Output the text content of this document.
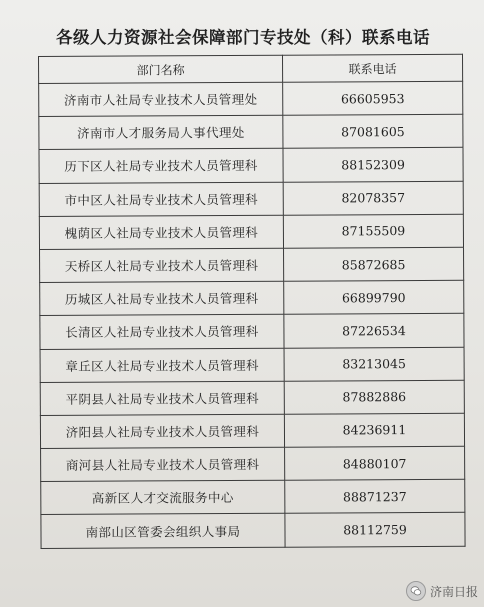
各级人力资源社会保障部门专技处（科）联系电话
部门名称	联系电话
济南市人社局专业技术人员管理处	66605953
济南市人才服务局人事代理处	87081605
历下区人社局专业技术人员管理科	88152309
市中区人社局专业技术人员管理科	82078357
槐荫区人社局专业技术人员管理科	87155509
天桥区人社局专业技术人员管理科	85872685
历城区人社局专业技术人员管理科	66899790
长清区人社局专业技术人员管理科	87226534
章丘区人社局专业技术人员管理科	83213045
平阴县人社局专业技术人员管理科	87882886
济阳县人社局专业技术人员管理科	84236911
商河县人社局专业技术人员管理科	84880107
高新区人才交流服务中心	88871237
南部山区管委会组织人事局	88112759
济南日报
